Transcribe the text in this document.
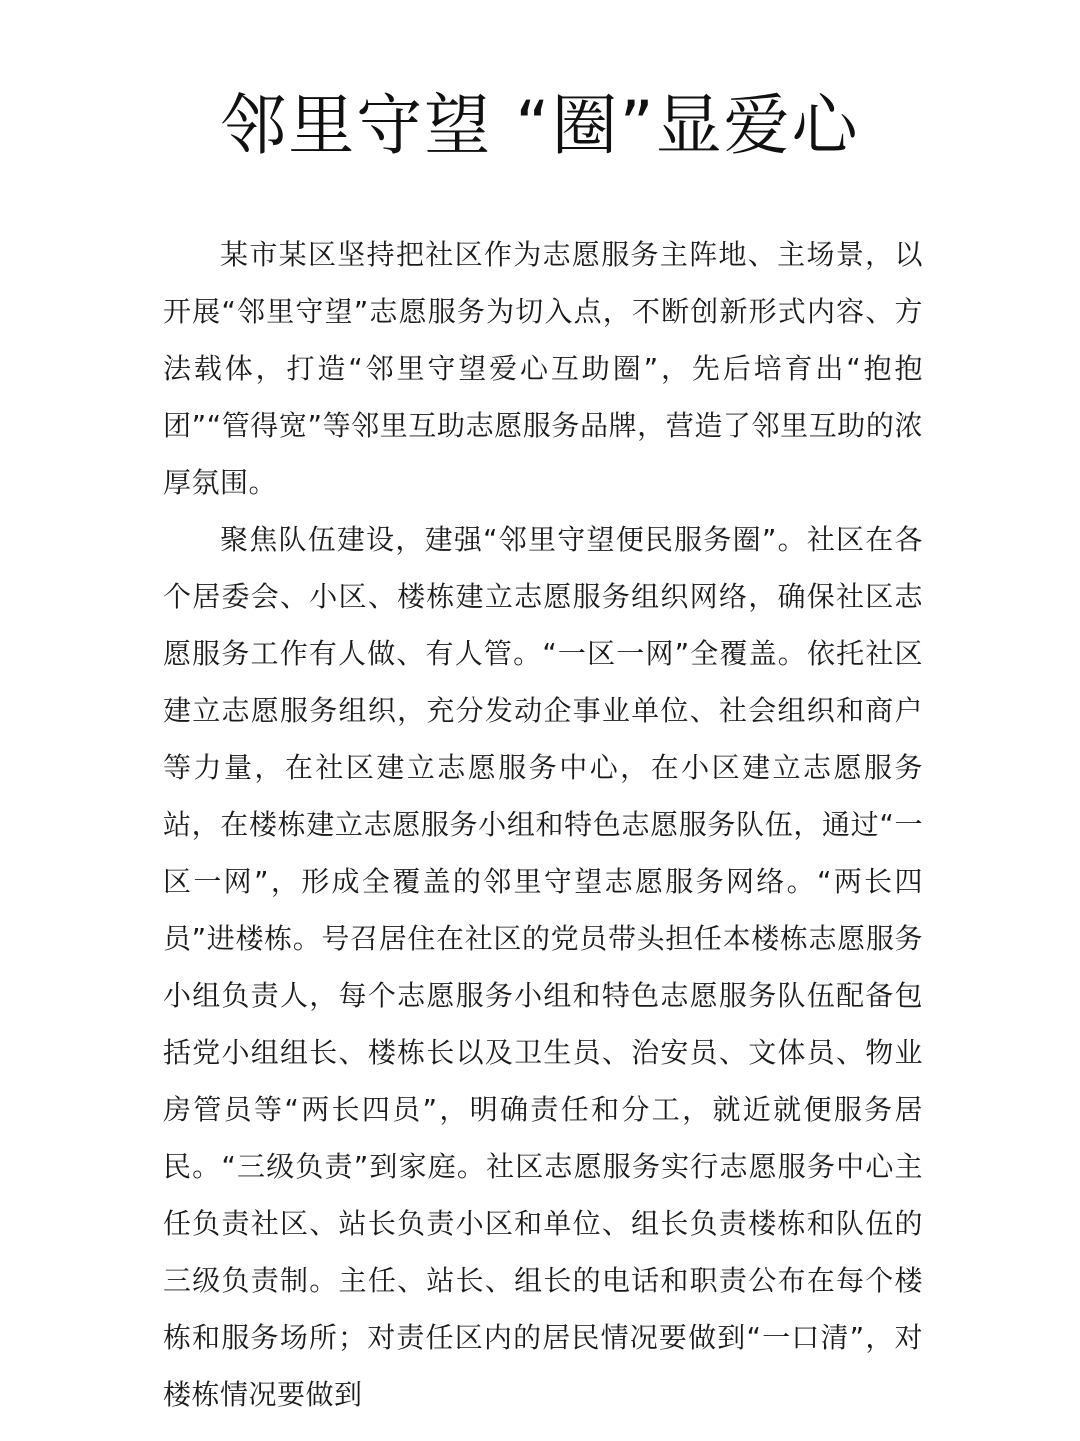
邻里守望 “圈”显爱心

某市某区坚持把社区作为志愿服务主阵地、主场景，以开展“邻里守望”志愿服务为切入点，不断创新形式内容、方法载体，打造“邻里守望爱心互助圈”，先后培育出“抱抱团”“管得宽”等邻里互助志愿服务品牌，营造了邻里互助的浓厚氛围。

聚焦队伍建设，建强“邻里守望便民服务圈”。社区在各个居委会、小区、楼栋建立志愿服务组织网络，确保社区志愿服务工作有人做、有人管。“一区一网”全覆盖。依托社区建立志愿服务组织，充分发动企事业单位、社会组织和商户等力量，在社区建立志愿服务中心，在小区建立志愿服务站，在楼栋建立志愿服务小组和特色志愿服务队伍，通过“一区一网”，形成全覆盖的邻里守望志愿服务网络。“两长四员”进楼栋。号召居住在社区的党员带头担任本楼栋志愿服务小组负责人，每个志愿服务小组和特色志愿服务队伍配备包括党小组组长、楼栋长以及卫生员、治安员、文体员、物业房管员等“两长四员”，明确责任和分工，就近就便服务居民。“三级负责”到家庭。社区志愿服务实行志愿服务中心主任负责社区、站长负责小区和单位、组长负责楼栋和队伍的三级负责制。主任、站长、组长的电话和职责公布在每个楼栋和服务场所；对责任区内的居民情况要做到“一口清”，对楼栋情况要做到
